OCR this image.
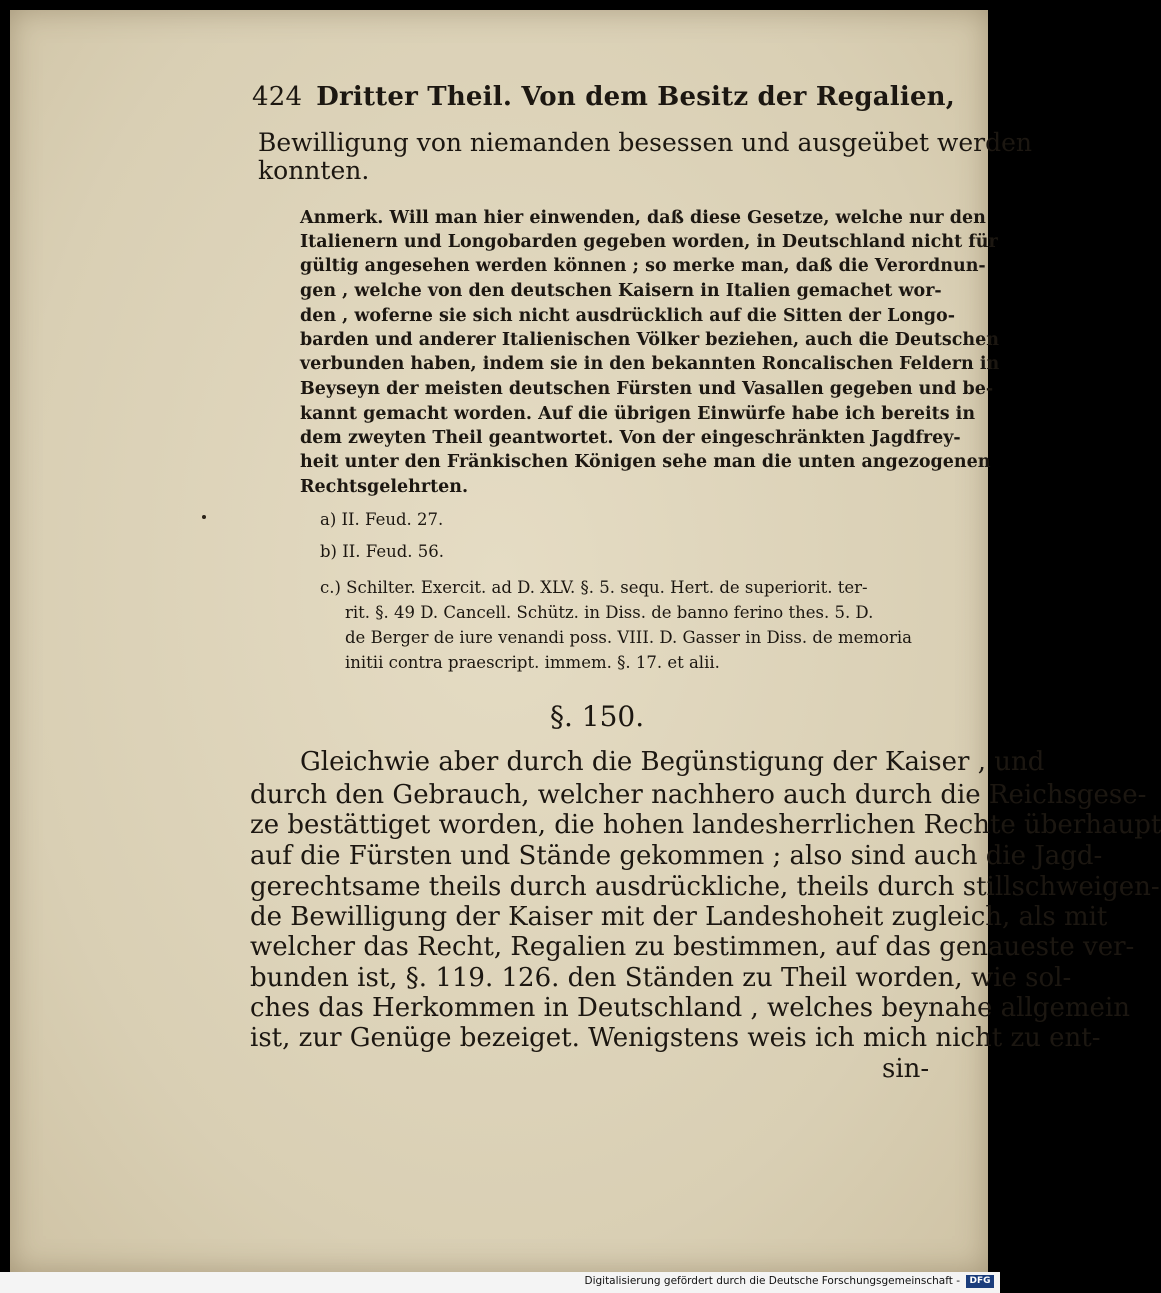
424 Dritter Theil. Von dem Besitz der Regalien,
Bewilligung von niemanden besessen und ausgeübet werden
konnten.
Anmerk. Will man hier einwenden, daß diese Gesetze, welche nur den
Italienern und Longobarden gegeben worden, in Deutschland nicht für
gültig angesehen werden können ; so merke man, daß die Verordnun-
gen , welche von den deutschen Kaisern in Italien gemachet wor-
den , woferne sie sich nicht ausdrücklich auf die Sitten der Longo-
barden und anderer Italienischen Völker beziehen, auch die Deutschen
verbunden haben, indem sie in den bekannten Roncalischen Feldern in
Beyseyn der meisten deutschen Fürsten und Vasallen gegeben und be-
kannt gemacht worden. Auf die übrigen Einwürfe habe ich bereits in
dem zweyten Theil geantwortet. Von der eingeschränkten Jagdfrey-
heit unter den Fränkischen Königen sehe man die unten angezogenen
Rechtsgelehrten.
a) II. Feud. 27.
b) II. Feud. 56.
c.) Schilter. Exercit. ad D. XLV. §. 5. sequ. Hert. de superiorit. ter-
rit. §. 49 D. Cancell. Schütz. in Diss. de banno ferino thes. 5. D.
de Berger de iure venandi poss. VIII. D. Gasser in Diss. de memoria
initii contra praescript. immem. §. 17. et alii.
§. 150.
Gleichwie aber durch die Begünstigung der Kaiser , und
durch den Gebrauch, welcher nachhero auch durch die Reichsgese-
ze bestättiget worden, die hohen landesherrlichen Rechte überhaupt
auf die Fürsten und Stände gekommen ; also sind auch die Jagd-
gerechtsame theils durch ausdrückliche, theils durch stillschweigen-
de Bewilligung der Kaiser mit der Landeshoheit zugleich, als mit
welcher das Recht, Regalien zu bestimmen, auf das genaueste ver-
bunden ist, §. 119. 126. den Ständen zu Theil worden, wie sol-
ches das Herkommen in Deutschland , welches beynahe allgemein
ist, zur Genüge bezeiget. Wenigstens weis ich mich nicht zu ent-
sin-
Digitalisierung gefördert durch die Deutsche Forschungsgemeinschaft -	DFG
